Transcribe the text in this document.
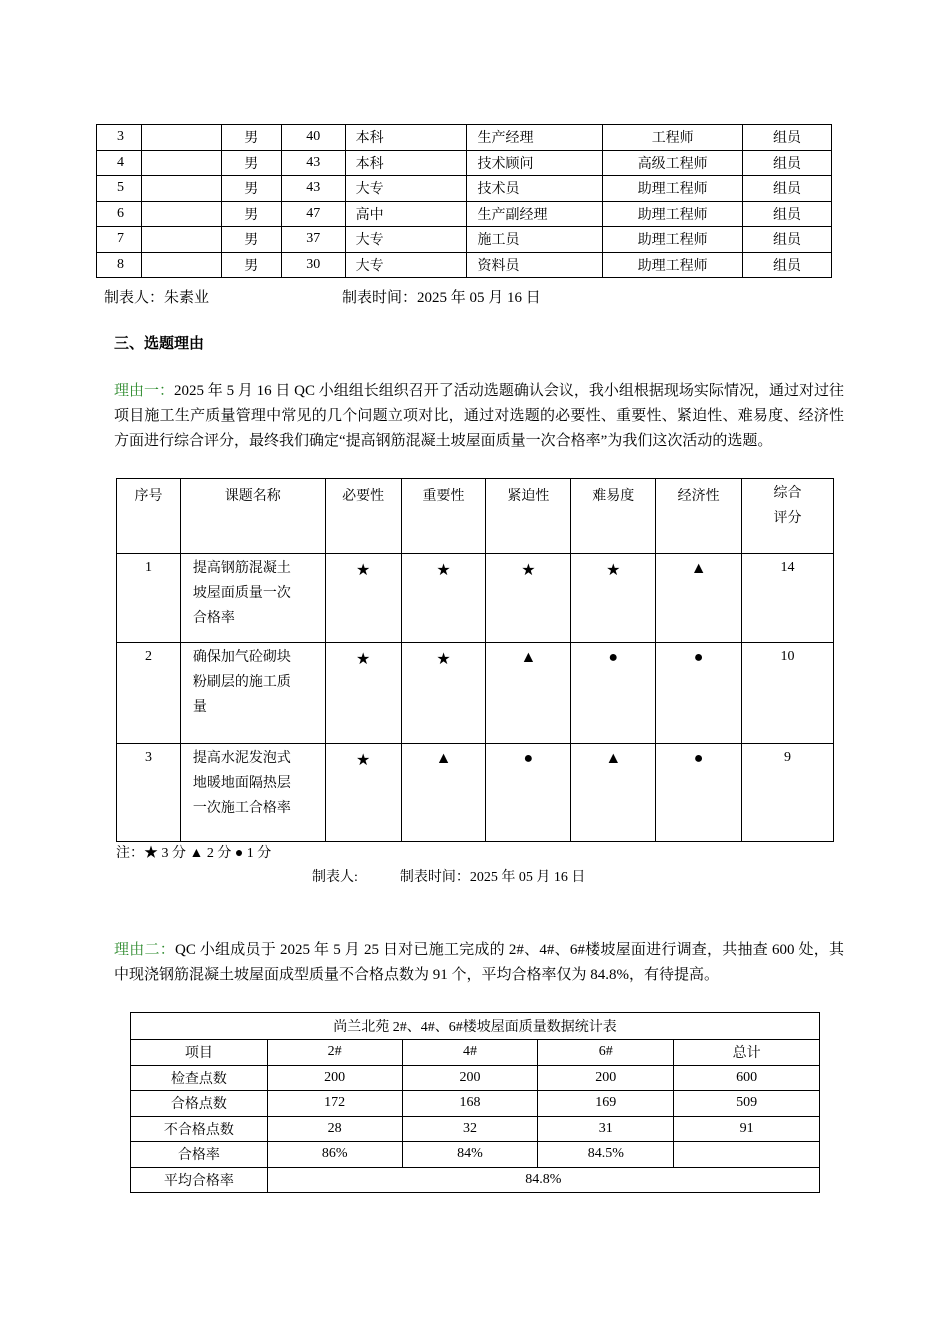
3		男	40	本科	生产经理	工程师	组员
4		男	43	本科	技术顾问	高级工程师	组员
5		男	43	大专	技术员	助理工程师	组员
6		男	47	高中	生产副经理	助理工程师	组员
7		男	37	大专	施工员	助理工程师	组员
8		男	30	大专	资料员	助理工程师	组员
制表人：朱素业	制表时间：2025 年 05 月 16 日
三、选题理由
理由一：2025 年 5 月 16 日 QC 小组组长组织召开了活动选题确认会议，我小组根据现场实际情况，通过对过往项目施工生产质量管理中常见的几个问题立项对比，通过对选题的必要性、重要性、紧迫性、难易度、经济性方面进行综合评分，最终我们确定“提高钢筋混凝土坡屋面质量一次合格率”为我们这次活动的选题。
序号	课题名称	必要性	重要性	紧迫性	难易度	经济性	综合
评分
1	提高钢筋混凝土
坡屋面质量一次
合格率	★	★	★	★	▲	14
2	确保加气砼砌块
粉刷层的施工质
量	★	★	▲	●	●	10
3	提高水泥发泡式
地暖地面隔热层
一次施工合格率	★	▲	●	▲	●	9
注：★ 3 分 ▲ 2 分 ● 1 分
制表人:	制表时间：2025 年 05 月 16 日
理由二：QC 小组成员于 2025 年 5 月 25 日对已施工完成的 2#、4#、6#楼坡屋面进行调查，共抽查 600 处，其中现浇钢筋混凝土坡屋面成型质量不合格点数为 91 个，平均合格率仅为 84.8%，有待提高。
尚兰北苑 2#、4#、6#楼坡屋面质量数据统计表				
项目	2#	4#	6#	总计
检查点数	200	200	200	600
合格点数	172	168	169	509
不合格点数	28	32	31	91
合格率	86%	84%	84.5%	
平均合格率	84.8%			
